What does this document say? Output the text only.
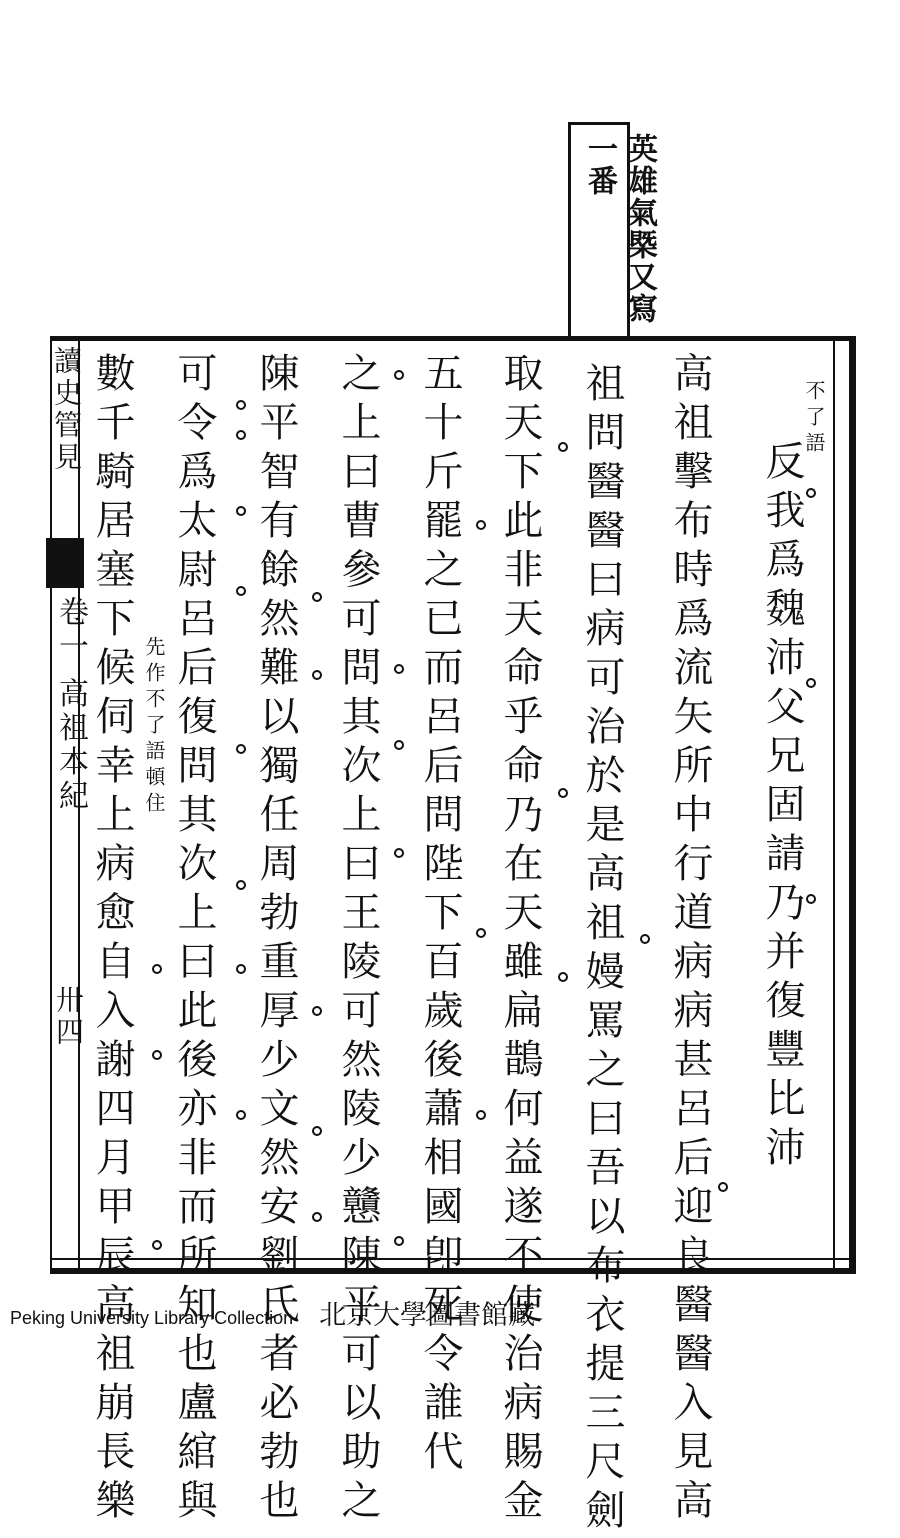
英雄氣槩又寫一番
讀史管見
卷一 高祖本紀
卅四
不了語
先作不了語頓住	反我爲魏沛父兄固請乃并復豐比沛
高祖擊布時爲流矢所中行道病病甚呂后迎良醫醫入見高
祖問醫醫曰病可治於是高祖嫚罵之曰吾以布衣提三尺劍
取天下此非天命乎命乃在天雖扁鵲何益遂不使治病賜金
五十斤罷之已而呂后問陛下百歲後蕭相國卽死令誰代
之上曰曹參可問其次上曰王陵可然陵少戇陳平可以助之
陳平智有餘然難以獨任周勃重厚少文然安劉氏者必勃也
可令爲太尉呂后復問其次上曰此後亦非而所知也盧綰與
數千騎居塞下候伺幸上病愈自入謝四月甲辰高祖崩長樂
Peking University Library Collection 北京大學圖書館藏
